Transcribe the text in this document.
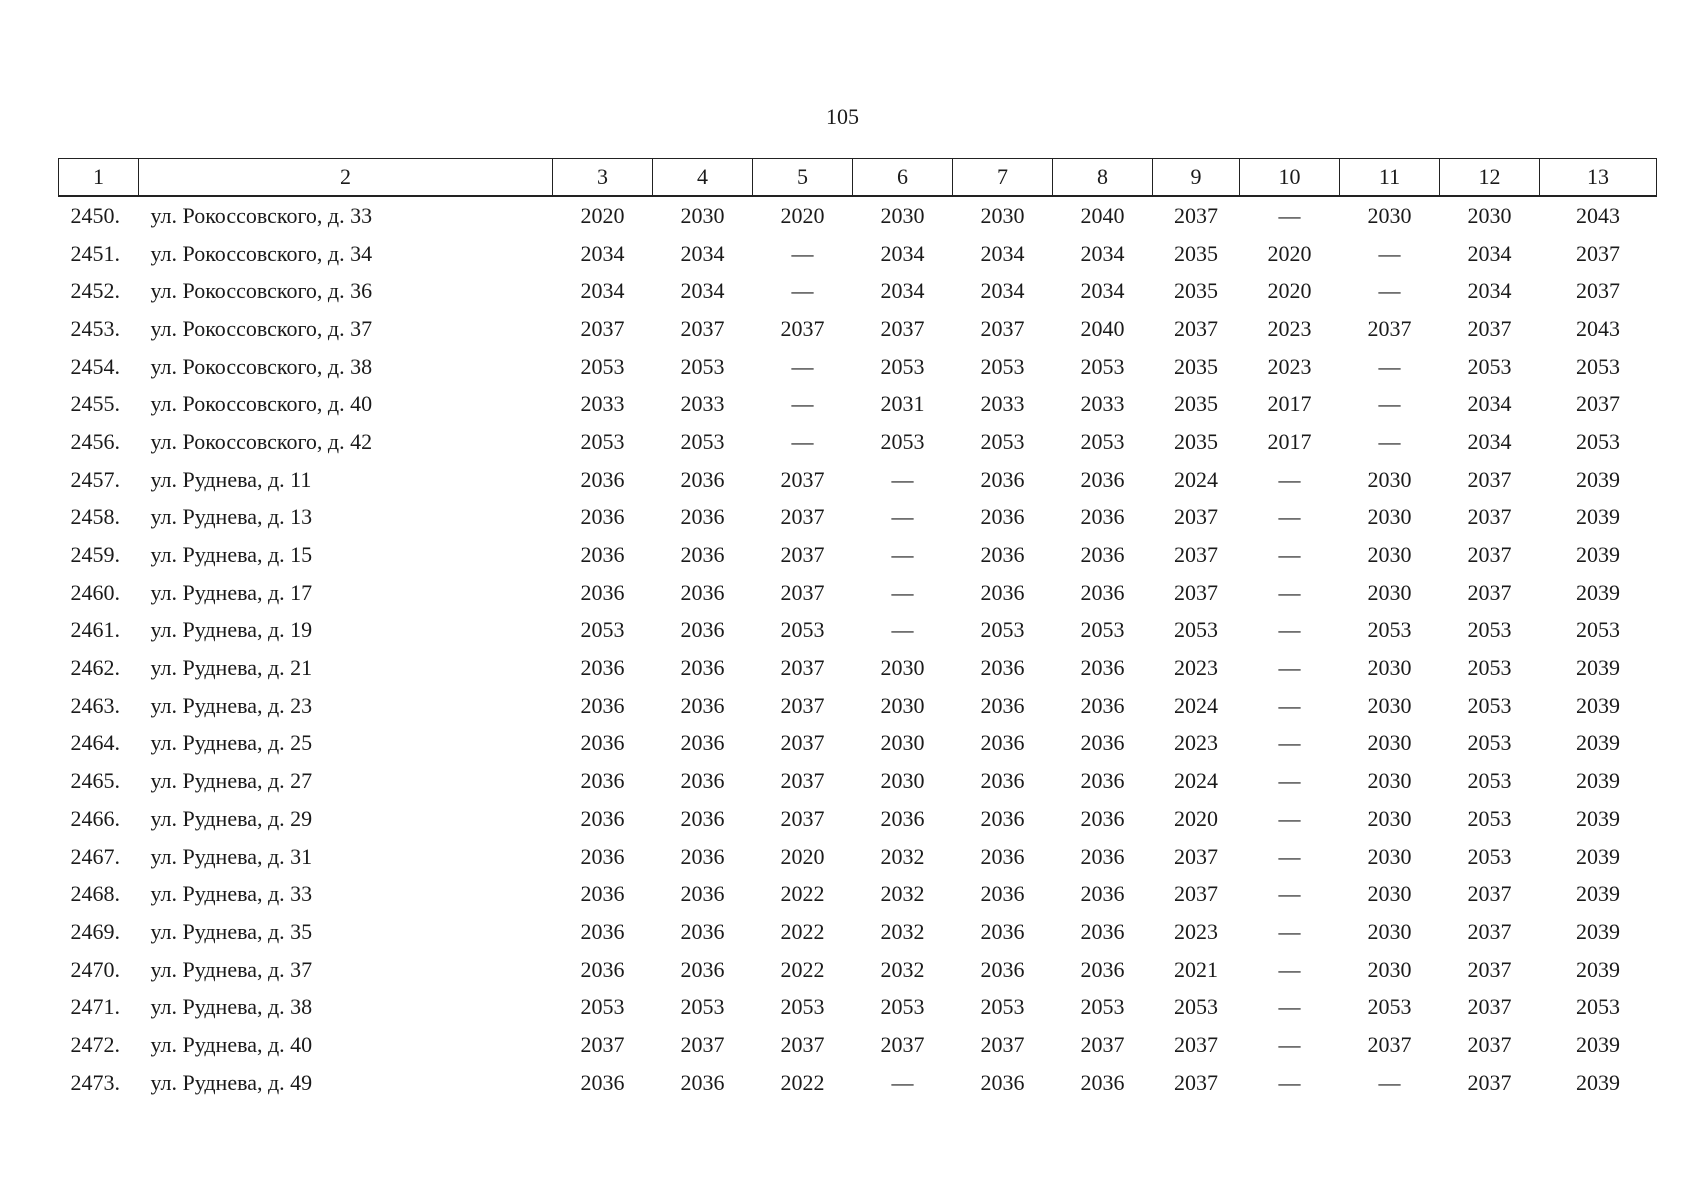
105
1	2	3	4	5	6	7	8	9	10	11	12	13
2450.	ул. Рокоссовского, д. 33	2020	2030	2020	2030	2030	2040	2037	—	2030	2030	2043
2451.	ул. Рокоссовского, д. 34	2034	2034	—	2034	2034	2034	2035	2020	—	2034	2037
2452.	ул. Рокоссовского, д. 36	2034	2034	—	2034	2034	2034	2035	2020	—	2034	2037
2453.	ул. Рокоссовского, д. 37	2037	2037	2037	2037	2037	2040	2037	2023	2037	2037	2043
2454.	ул. Рокоссовского, д. 38	2053	2053	—	2053	2053	2053	2035	2023	—	2053	2053
2455.	ул. Рокоссовского, д. 40	2033	2033	—	2031	2033	2033	2035	2017	—	2034	2037
2456.	ул. Рокоссовского, д. 42	2053	2053	—	2053	2053	2053	2035	2017	—	2034	2053
2457.	ул. Руднева, д. 11	2036	2036	2037	—	2036	2036	2024	—	2030	2037	2039
2458.	ул. Руднева, д. 13	2036	2036	2037	—	2036	2036	2037	—	2030	2037	2039
2459.	ул. Руднева, д. 15	2036	2036	2037	—	2036	2036	2037	—	2030	2037	2039
2460.	ул. Руднева, д. 17	2036	2036	2037	—	2036	2036	2037	—	2030	2037	2039
2461.	ул. Руднева, д. 19	2053	2036	2053	—	2053	2053	2053	—	2053	2053	2053
2462.	ул. Руднева, д. 21	2036	2036	2037	2030	2036	2036	2023	—	2030	2053	2039
2463.	ул. Руднева, д. 23	2036	2036	2037	2030	2036	2036	2024	—	2030	2053	2039
2464.	ул. Руднева, д. 25	2036	2036	2037	2030	2036	2036	2023	—	2030	2053	2039
2465.	ул. Руднева, д. 27	2036	2036	2037	2030	2036	2036	2024	—	2030	2053	2039
2466.	ул. Руднева, д. 29	2036	2036	2037	2036	2036	2036	2020	—	2030	2053	2039
2467.	ул. Руднева, д. 31	2036	2036	2020	2032	2036	2036	2037	—	2030	2053	2039
2468.	ул. Руднева, д. 33	2036	2036	2022	2032	2036	2036	2037	—	2030	2037	2039
2469.	ул. Руднева, д. 35	2036	2036	2022	2032	2036	2036	2023	—	2030	2037	2039
2470.	ул. Руднева, д. 37	2036	2036	2022	2032	2036	2036	2021	—	2030	2037	2039
2471.	ул. Руднева, д. 38	2053	2053	2053	2053	2053	2053	2053	—	2053	2037	2053
2472.	ул. Руднева, д. 40	2037	2037	2037	2037	2037	2037	2037	—	2037	2037	2039
2473.	ул. Руднева, д. 49	2036	2036	2022	—	2036	2036	2037	—	—	2037	2039
